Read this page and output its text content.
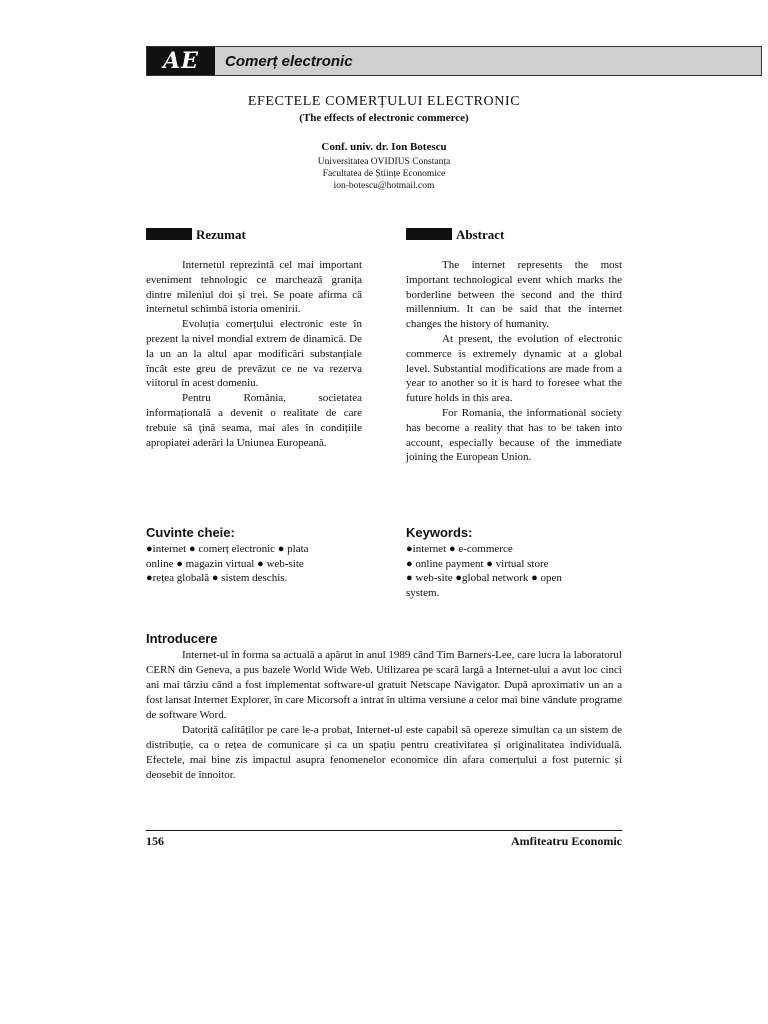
AE	Comerț electronic
EFECTELE COMERȚULUI ELECTRONIC
(The effects of electronic commerce)
Conf. univ. dr. Ion Botescu
Universitatea OVIDIUS Constanța
Facultatea de Științe Economice
ion-botescu@hotmail.com
Rezumat	Abstract

Internetul reprezintă cel mai important eveniment tehnologic ce marchează granița dintre mileniul doi și trei. Se poate afirma că internetul schimbă istoria omenirii.

Evoluția comerțului electronic este în prezent la nivel mondial extrem de dinamică. De la un an la altul apar modificări substanțiale încât este greu de prevăzut ce ne va rezerva viitorul în acest domeniu.

Pentru România, societatea informațională a devenit o realitate de care trebuie să ţină seama, mai ales în condițiile apropiatei aderări la Uniunea Europeană.

The internet represents the most important technological event which marks the borderline between the second and the third millennium. It can be said that the internet changes the history of humanity.

At present, the evolution of electronic commerce is extremely dynamic at a global level. Substantial modifications are made from a year to another so it is hard to foresee what the future holds in this area.

For Romania, the informational society has become a reality that has to be taken into account, especially because of the immediate joining the European Union.

Cuvinte cheie:
●internet ● comerț electronic ● plata
online ● magazin virtual ● web-site
●rețea globală ● sistem deschis.
Keywords:
●internet ● e-commerce
● online payment ● virtual store
● web-site ●global network ● open
system.
Introducere

Internet-ul în forma sa actuală a apărut în anul 1989 când Tim Barners-Lee, care lucra la laboratorul CERN din Geneva, a pus bazele World Wide Web. Utilizarea pe scară largă a Internet-ului a avut loc cinci ani mai târziu când a fost implementat software-ul gratuit Netscape Navigator. După aproximativ un an a fost lansat Internet Explorer, în care Micorsoft a intrat în ultima versiune a celor mai bine vândute programe de software Word.

Datorită calităților pe care le-a probat, Internet-ul este capabil să opereze simultan ca un sistem de distribuție, ca o rețea de comunicare și ca un spațiu pentru creativitatea și originalitatea individuală. Efectele, mai bine zis impactul asupra fenomenelor economice din afara comerțului a fost puternic și deosebit de înnoitor.

156	Amfiteatru Economic
